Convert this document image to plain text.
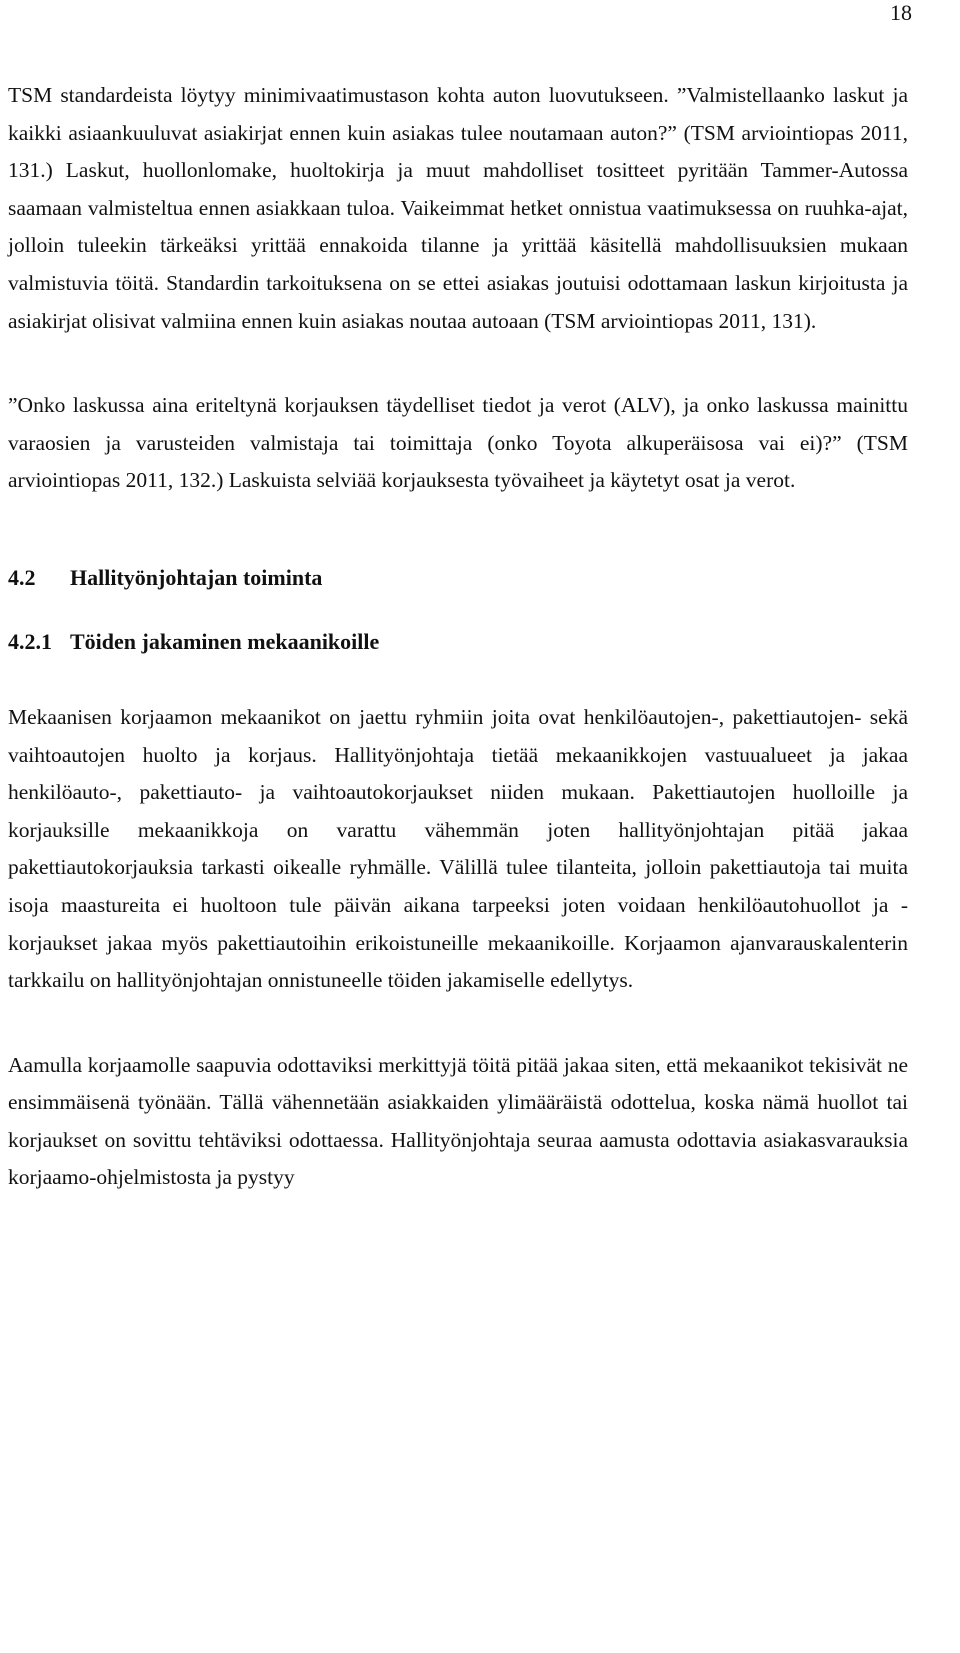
18

TSM standardeista löytyy minimivaatimustason kohta auton luovutukseen. ”Valmistellaanko laskut ja kaikki asiaankuuluvat asiakirjat ennen kuin asiakas tulee noutamaan auton?” (TSM arviointiopas 2011, 131.) Laskut, huollonlomake, huoltokirja ja muut mahdolliset tositteet pyritään Tammer-Autossa saamaan valmisteltua ennen asiakkaan tuloa. Vaikeimmat hetket onnistua vaatimuksessa on ruuhka-ajat, jolloin tuleekin tärkeäksi yrittää ennakoida tilanne ja yrittää käsitellä mahdollisuuksien mukaan valmistuvia töitä. Standardin tarkoituksena on se ettei asiakas joutuisi odottamaan laskun kirjoitusta ja asiakirjat olisivat valmiina ennen kuin asiakas noutaa autoaan (TSM arviointiopas 2011, 131).

”Onko laskussa aina eriteltynä korjauksen täydelliset tiedot ja verot (ALV), ja onko laskussa mainittu varaosien ja varusteiden valmistaja tai toimittaja (onko Toyota alkuperäisosa vai ei)?” (TSM arviointiopas 2011, 132.) Laskuista selviää korjauksesta työvaiheet ja käytetyt osat ja verot.

4.2	Hallityönjohtajan toiminta
4.2.1 Töiden jakaminen mekaanikoille

Mekaanisen korjaamon mekaanikot on jaettu ryhmiin joita ovat henkilöautojen-, pakettiautojen- sekä vaihtoautojen huolto ja korjaus. Hallityönjohtaja tietää mekaanikkojen vastuualueet ja jakaa henkilöauto-, pakettiauto- ja vaihtoautokorjaukset niiden mukaan. Pakettiautojen huolloille ja korjauksille mekaanikkoja on varattu vähemmän joten hallityönjohtajan pitää jakaa pakettiautokorjauksia tarkasti oikealle ryhmälle. Välillä tulee tilanteita, jolloin pakettiautoja tai muita isoja maastureita ei huoltoon tule päivän aikana tarpeeksi joten voidaan henkilöautohuollot ja -korjaukset jakaa myös pakettiautoihin erikoistuneille mekaanikoille. Korjaamon ajanvarauskalenterin tarkkailu on hallityönjohtajan onnistuneelle töiden jakamiselle edellytys.

Aamulla korjaamolle saapuvia odottaviksi merkittyjä töitä pitää jakaa siten, että mekaanikot tekisivät ne ensimmäisenä työnään. Tällä vähennetään asiakkaiden ylimääräistä odottelua, koska nämä huollot tai korjaukset on sovittu tehtäviksi odottaessa. Hallityönjohtaja seuraa aamusta odottavia asiakasvarauksia korjaamo-ohjelmistosta ja pystyy
